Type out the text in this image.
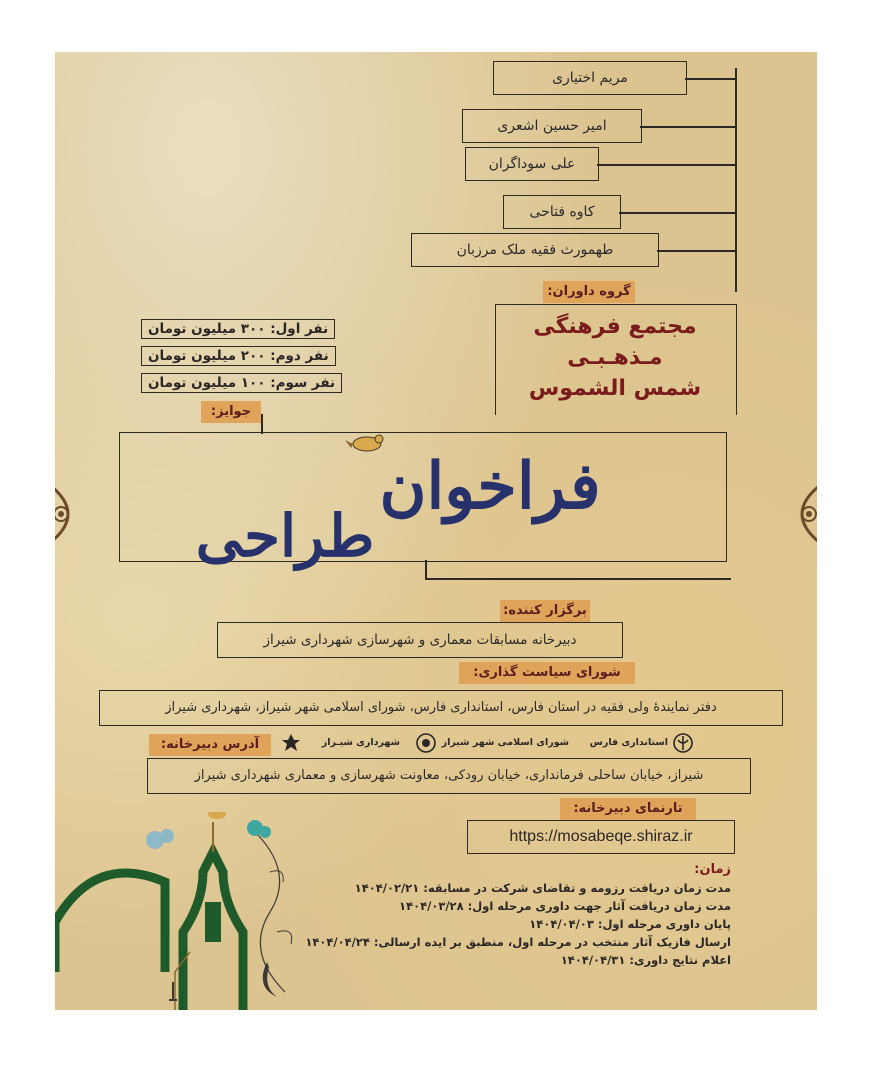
مریم اختیاری
امیر حسین اشعری
علی سوداگران
کاوه فتاحی
طهمورث فقیه ملک مرزبان
گروه داوران:
مجتمع فرهنگی
مـذهـبـی
شمس الشموس
نفر اول: ۳۰۰ میلیون تومان
نفر دوم: ۲۰۰ میلیون تومان
نفر سوم: ۱۰۰ میلیون تومان
جوایز:
فراخوان
طراحی
برگزار کننده:
دبیرخانه مسابقات معماری و شهرسازی شهرداری شیراز
شورای سیاست گذاری:
دفتر نمایندۀ ولی فقیه در استان فارس، استانداری فارس، شورای اسلامی شهر شیراز، شهرداری شیراز
استانداری فارس
شورای اسلامی شهر شیراز
شهرداری شیـراز
آدرس دبیرخانه:
شیراز، خیابان ساحلی فرمانداری، خیابان رودکی، معاونت شهرسازی و معماری شهرداری شیراز
تارنمای دبیرخانه:
https://mosabeqe.shiraz.ir
زمان:
مدت زمان دریافت رزومه و تقاضای شرکت در مسابقه: ۱۴۰۴/۰۲/۲۱
مدت زمان دریافت آثار جهت داوری مرحله اول: ۱۴۰۴/۰۳/۲۸
پایان داوری مرحله اول: ۱۴۰۴/۰۴/۰۳
ارسال فازیک آثار منتخب در مرحله اول، منطبق بر ایده ارسالی: ۱۴۰۴/۰۴/۲۴
اعلام نتایج داوری: ۱۴۰۴/۰۴/۳۱
